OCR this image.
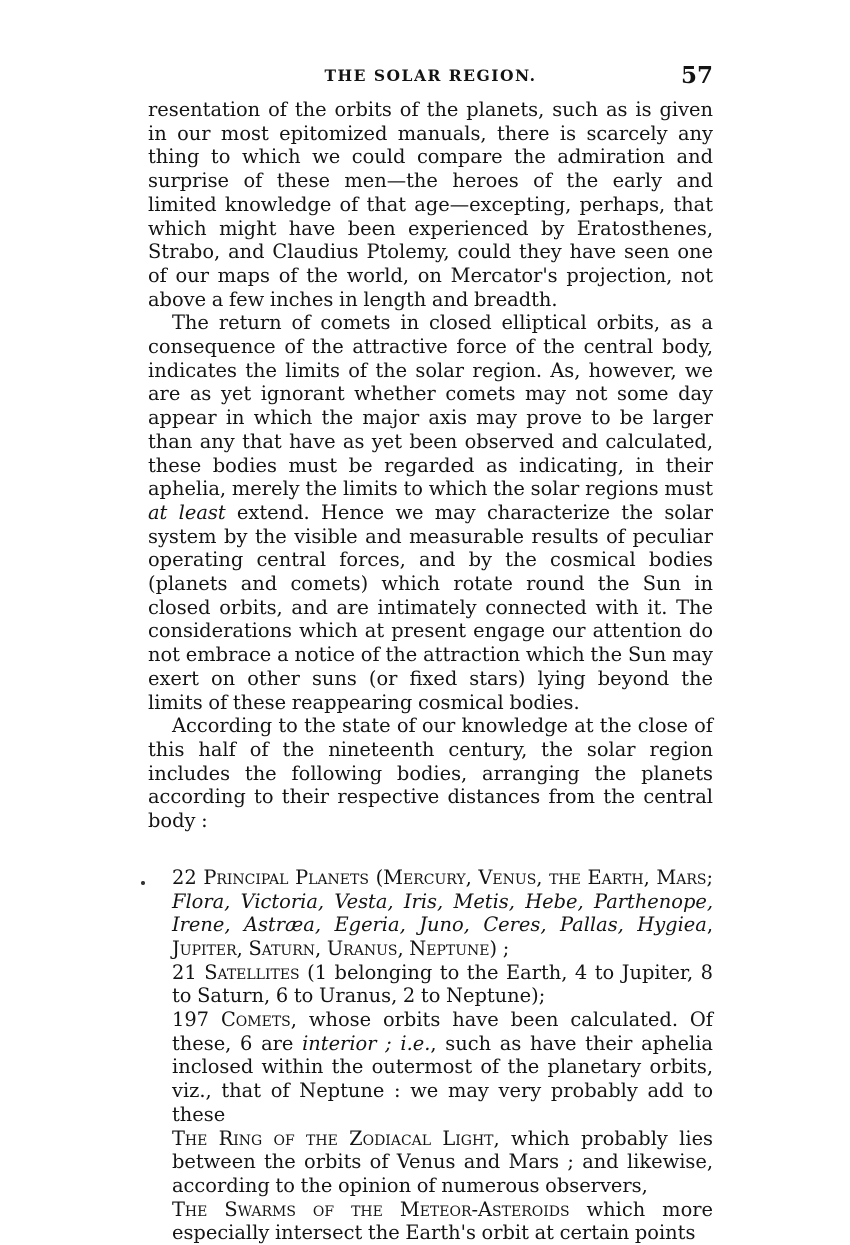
THE SOLAR REGION.	57

resentation of the orbits of the planets, such as is given in our most epitomized manuals, there is scarcely any thing to which we could compare the admiration and surprise of these men—the heroes of the early and limited knowledge of that age—excepting, perhaps, that which might have been experienced by Eratosthenes, Strabo, and Claudius Ptolemy, could they have seen one of our maps of the world, on Mercator's projection, not above a few inches in length and breadth.

The return of comets in closed elliptical orbits, as a consequence of the attractive force of the central body, indicates the limits of the solar region. As, however, we are as yet ignorant whether comets may not some day appear in which the major axis may prove to be larger than any that have as yet been observed and calculated, these bodies must be regarded as indicating, in their aphelia, merely the limits to which the solar regions must at least extend. Hence we may characterize the solar system by the visible and measurable results of peculiar operating central forces, and by the cosmical bodies (planets and comets) which rotate round the Sun in closed orbits, and are intimately connected with it. The considerations which at present engage our attention do not embrace a notice of the attraction which the Sun may exert on other suns (or fixed stars) lying beyond the limits of these reappearing cosmical bodies.

According to the state of our knowledge at the close of this half of the nineteenth century, the solar region includes the following bodies, arranging the planets according to their respective distances from the central body :

22 Principal Planets (Mercury, Venus, the Earth, Mars; Flora, Victoria, Vesta, Iris, Metis, Hebe, Parthenope, Irene, Astræa, Egeria, Juno, Ceres, Pallas, Hygiea, Jupiter, Saturn, Uranus, Neptune) ;

21 Satellites (1 belonging to the Earth, 4 to Jupiter, 8 to Saturn, 6 to Uranus, 2 to Neptune);

197 Comets, whose orbits have been calculated. Of these, 6 are interior ; i.e., such as have their aphelia inclosed within the outermost of the planetary orbits, viz., that of Neptune : we may very probably add to these

The Ring of the Zodiacal Light, which probably lies between the orbits of Venus and Mars ; and likewise, according to the opinion of numerous observers,

The Swarms of the Meteor-Asteroids which more especially intersect the Earth's orbit at certain points
